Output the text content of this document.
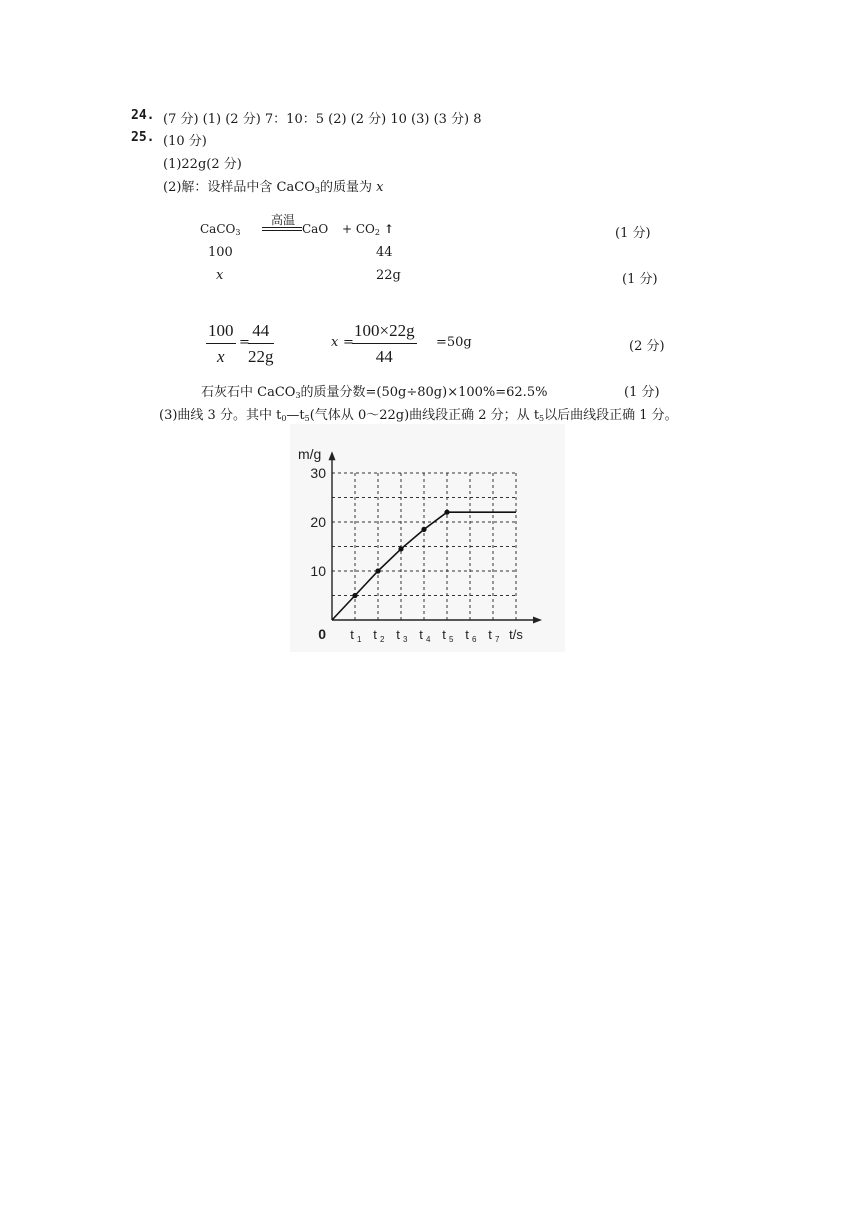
24. (7 分) (1) (2 分) 7：10：5 (2) (2 分) 10 (3) (3 分) 8
25. (10 分)
(1)22g(2 分)
(2)解：设样品中含 CaCO$_3$的质量为 x
CaCO$_3$
高温
CaO + $CO_2$ ↑	(1 分)
100	44
x	22g	(1 分)
$\frac{100}{x}$ =
$\frac{44}{22g}$	x =
$\frac{100\times 22g}{44} =50g$	(2 分)
石灰石中 CaCO$_3$的质量分数=(50g÷80g)×100%=62.5%	(1 分)
(3)曲线 3 分。其中 $t_0—t_5$(气体从 0～22g)曲线段正确 2 分；从 $t_5$以后曲线段正确 1 分。
10
20
30
0 t 1 t 2 t 3 t 4 t 5 t 6 t 7 t/s
m/g
